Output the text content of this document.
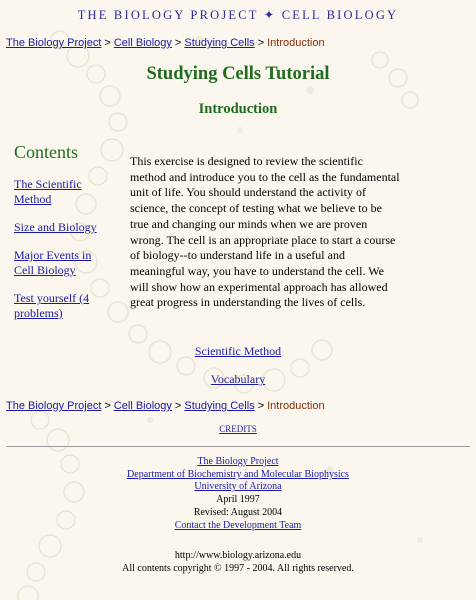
THE BIOLOGY PROJECT ✦ CELL BIOLOGY
The Biology Project > Cell Biology > Studying Cells > Introduction
Studying Cells Tutorial
Introduction
Contents
The Scientific Method
Size and Biology
Major Events in Cell Biology
Test yourself (4 problems)
This exercise is designed to review the scientific method and introduce you to the cell as the fundamental unit of life. You should understand the activity of science, the concept of testing what we believe to be true and changing our minds when we are proven wrong. The cell is an appropriate place to start a course of biology--to understand life in a useful and meaningful way, you have to understand the cell. We will show how an experimental approach has allowed great progress in understanding the lives of cells.
Scientific Method
Vocabulary
The Biology Project > Cell Biology > Studying Cells > Introduction
CREDITS
The Biology Project
Department of Biochemistry and Molecular Biophysics
University of Arizona
April 1997
Revised: August 2004
Contact the Development Team
http://www.biology.arizona.edu
All contents copyright © 1997 - 2004. All rights reserved.
